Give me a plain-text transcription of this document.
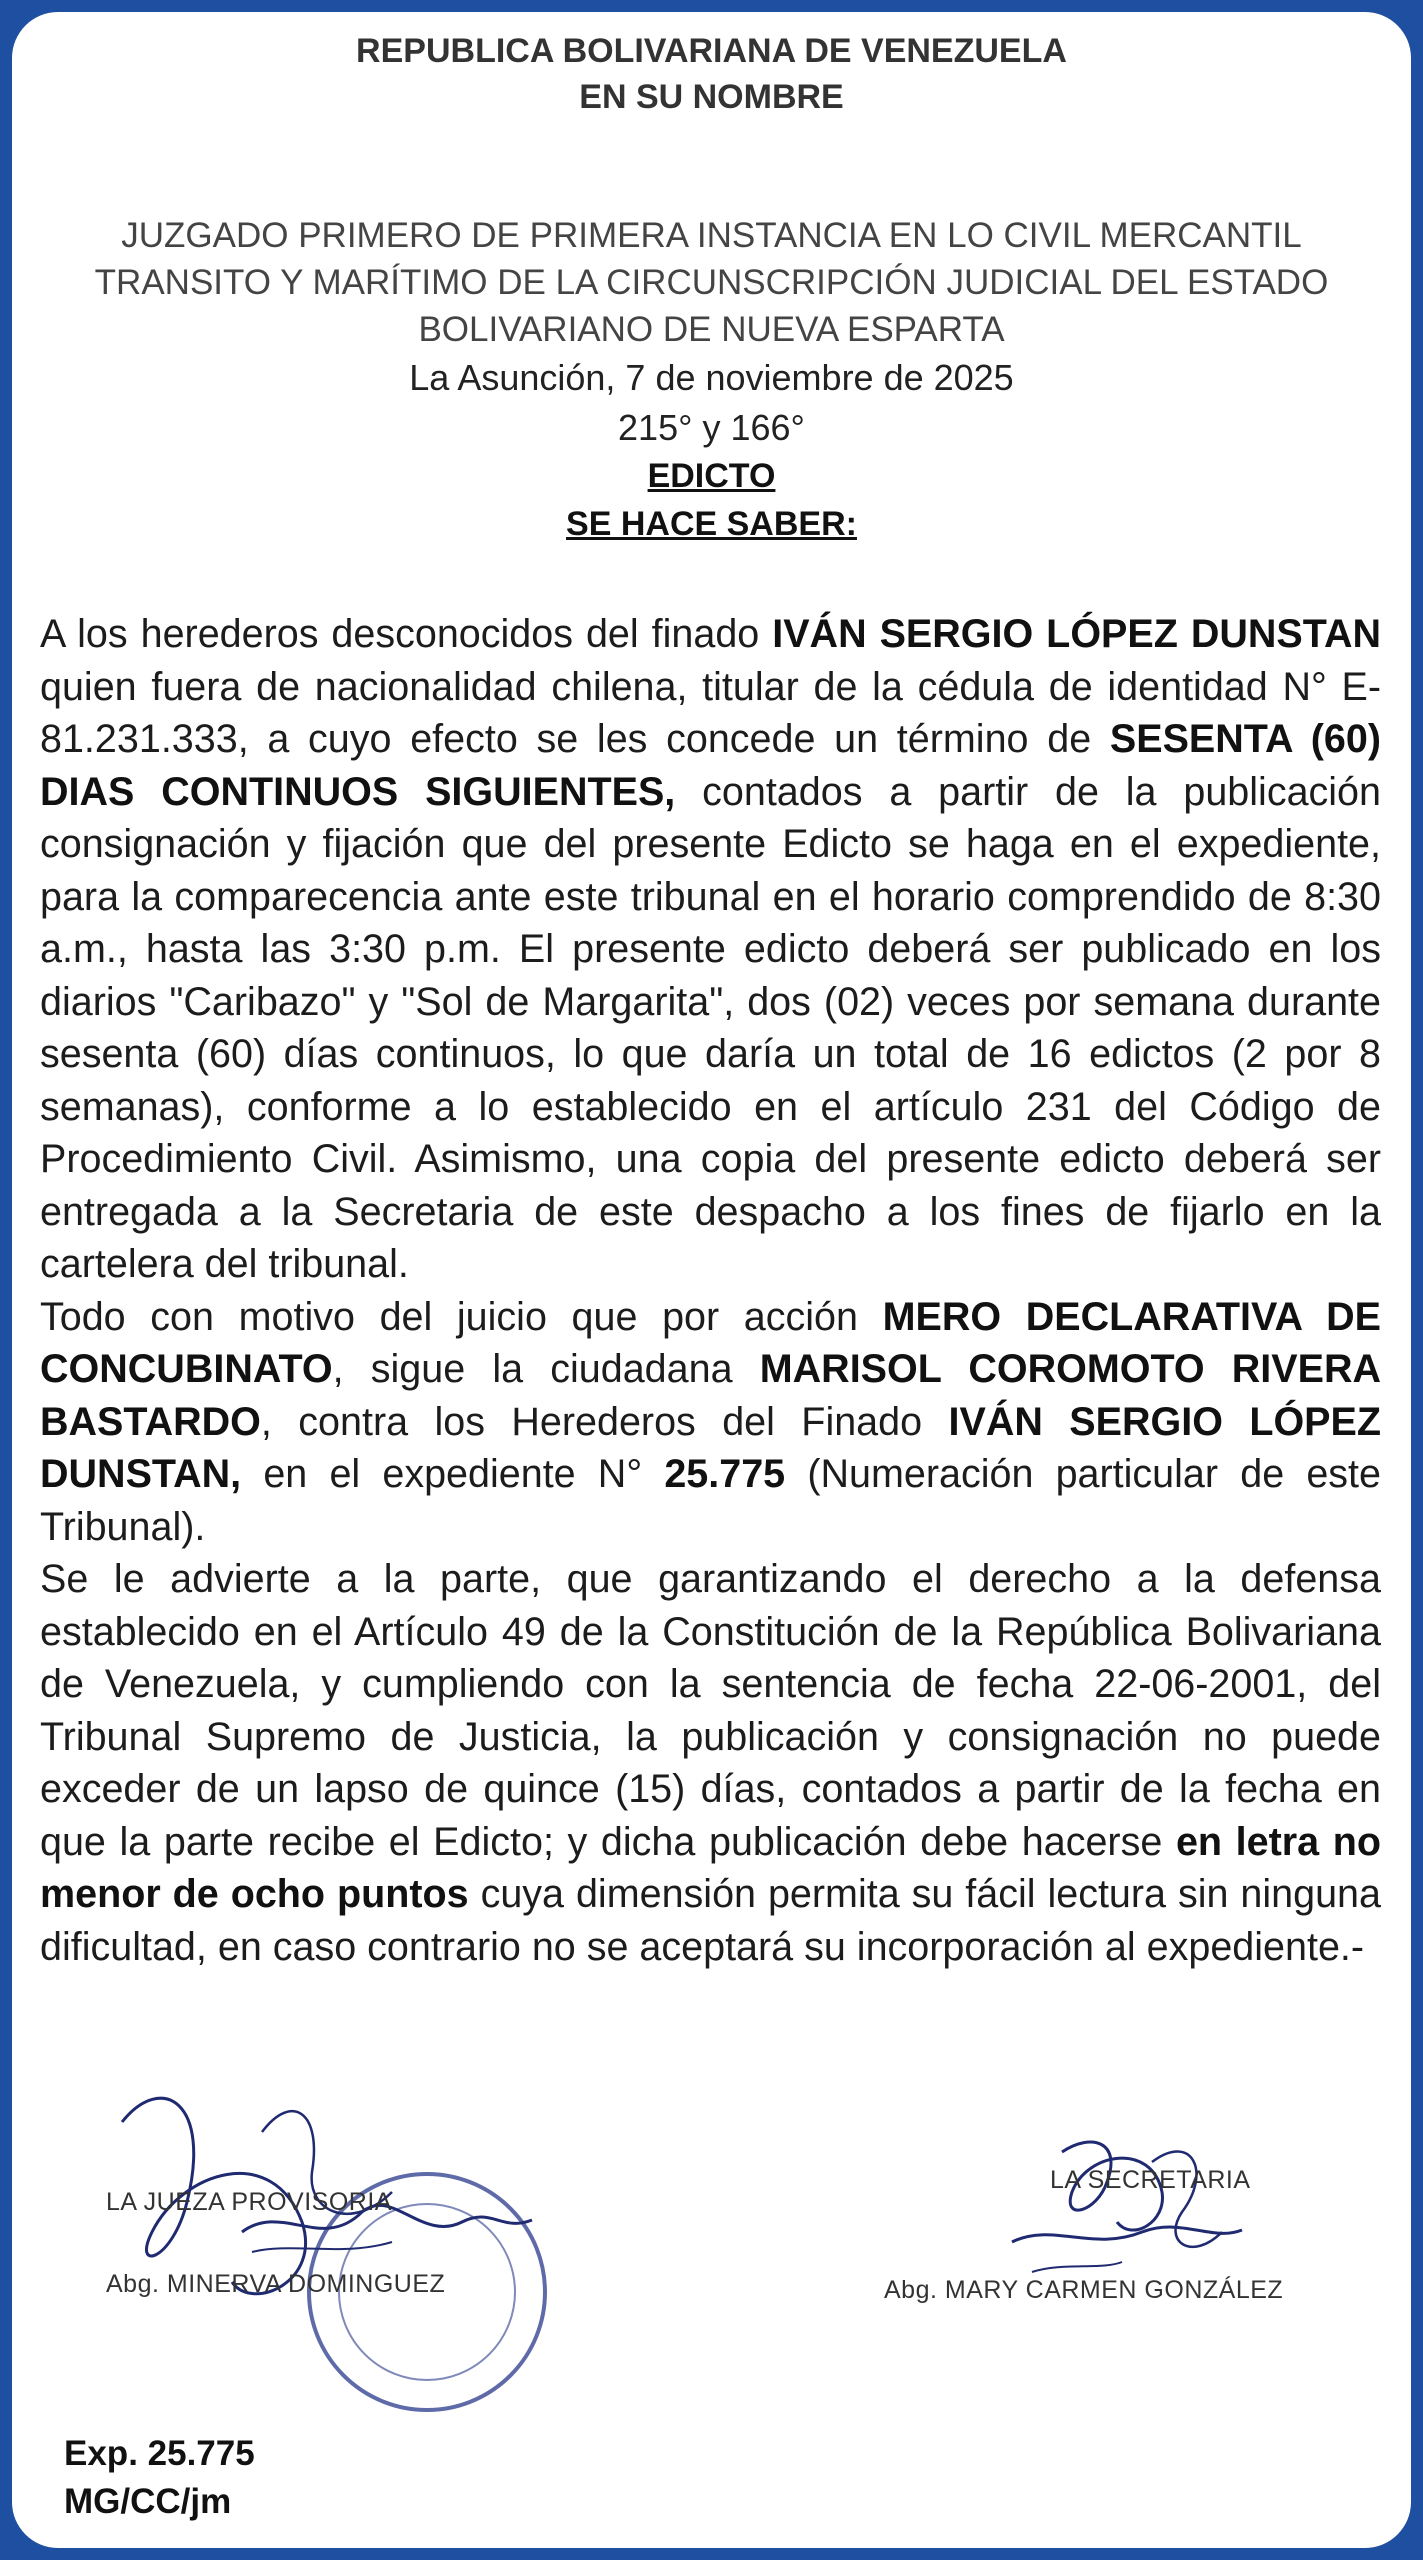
REPUBLICA BOLIVARIANA DE VENEZUELA
EN SU NOMBRE
JUZGADO PRIMERO DE PRIMERA INSTANCIA EN LO CIVIL MERCANTIL TRANSITO Y MARÍTIMO DE LA CIRCUNSCRIPCIÓN JUDICIAL DEL ESTADO BOLIVARIANO DE NUEVA ESPARTA
La Asunción, 7 de noviembre de 2025
215° y 166°
EDICTO
SE HACE SABER:

A los herederos desconocidos del finado IVÁN SERGIO LÓPEZ DUNSTAN quien fuera de nacionalidad chilena, titular de la cédula de identidad N° E-81.231.333, a cuyo efecto se les concede un término de SESENTA (60) DIAS CONTINUOS SIGUIENTES, contados a partir de la publicación consignación y fijación que del presente Edicto se haga en el expediente, para la comparecencia ante este tribunal en el horario comprendido de 8:30 a.m., hasta las 3:30 p.m. El presente edicto deberá ser publicado en los diarios "Caribazo" y "Sol de Margarita", dos (02) veces por semana durante sesenta (60) días continuos, lo que daría un total de 16 edictos (2 por 8 semanas), conforme a lo establecido en el artículo 231 del Código de Procedimiento Civil. Asimismo, una copia del presente edicto deberá ser entregada a la Secretaria de este despacho a los fines de fijarlo en la cartelera del tribunal.

Todo con motivo del juicio que por acción MERO DECLARATIVA DE CONCUBINATO, sigue la ciudadana MARISOL COROMOTO RIVERA BASTARDO, contra los Herederos del Finado IVÁN SERGIO LÓPEZ DUNSTAN, en el expediente N° 25.775 (Numeración particular de este Tribunal).

Se le advierte a la parte, que garantizando el derecho a la defensa establecido en el Artículo 49 de la Constitución de la República Bolivariana de Venezuela, y cumpliendo con la sentencia de fecha 22-06-2001, del Tribunal Supremo de Justicia, la publicación y consignación no puede exceder de un lapso de quince (15) días, contados a partir de la fecha en que la parte recibe el Edicto; y dicha publicación debe hacerse en letra no menor de ocho puntos cuya dimensión permita su fácil lectura sin ninguna dificultad, en caso contrario no se aceptará su incorporación al expediente.-

LA JUEZA PROVISORIA
Abg. MINERVA DOMINGUEZ
LA SECRETARIA
Abg. MARY CARMEN GONZÁLEZ
Exp. 25.775
MG/CC/jm
